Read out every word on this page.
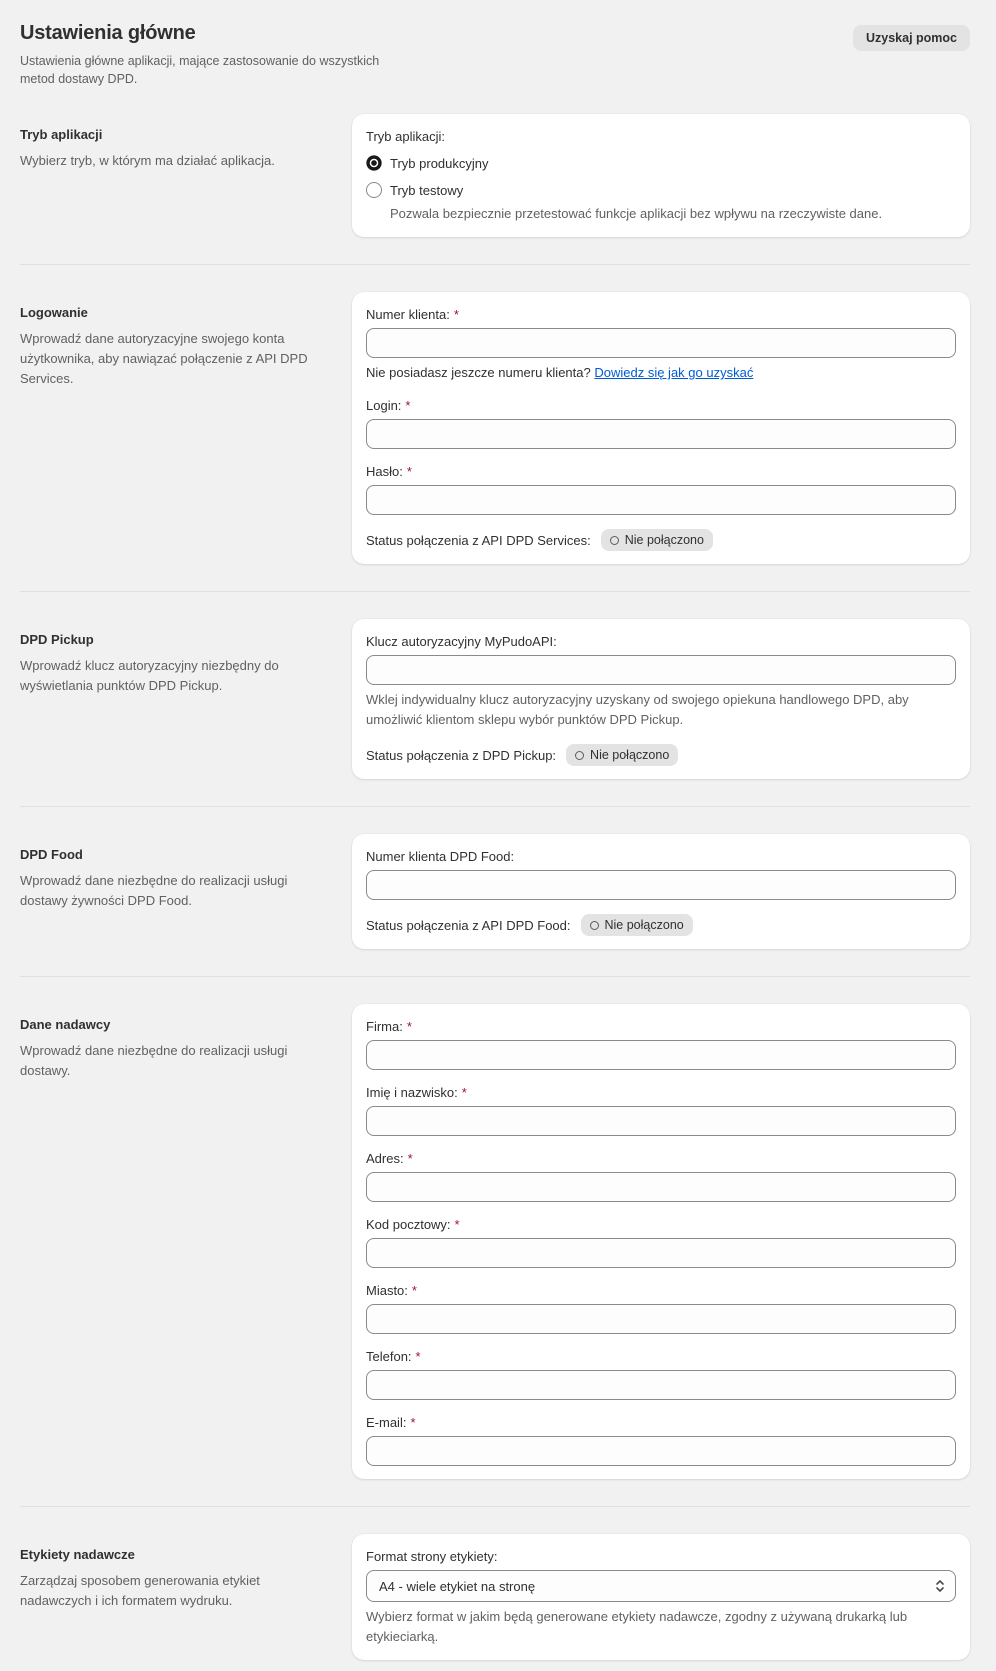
Ustawienia główne

Ustawienia główne aplikacji, mające zastosowanie do wszystkich metod dostawy DPD.

Uzyskaj pomoc
Tryb aplikacji

Wybierz tryb, w którym ma działać aplikacja.

Tryb aplikacji:
Tryb produkcyjny
Tryb testowy

Pozwala bezpiecznie przetestować funkcje aplikacji bez wpływu na rzeczywiste dane.

Logowanie

Wprowadź dane autoryzacyjne swojego konta użytkownika, aby nawiązać połączenie z API DPD Services.

Numer klienta: *

Nie posiadasz jeszcze numeru klienta? Dowiedz się jak go uzyskać

Login: *
Hasło: *
Status połączenia z API DPD Services:	Nie połączono
DPD Pickup

Wprowadź klucz autoryzacyjny niezbędny do wyświetlania punktów DPD Pickup.

Klucz autoryzacyjny MyPudoAPI:

Wklej indywidualny klucz autoryzacyjny uzyskany od swojego opiekuna handlowego DPD, aby umożliwić klientom sklepu wybór punktów DPD Pickup.

Status połączenia z DPD Pickup:	Nie połączono
DPD Food

Wprowadź dane niezbędne do realizacji usługi dostawy żywności DPD Food.

Numer klienta DPD Food:
Status połączenia z API DPD Food:	Nie połączono
Dane nadawcy

Wprowadź dane niezbędne do realizacji usługi dostawy.

Firma: *
Imię i nazwisko: *
Adres: *
Kod pocztowy: *
Miasto: *
Telefon: *
E-mail: *
Etykiety nadawcze

Zarządzaj sposobem generowania etykiet nadawczych i ich formatem wydruku.

Format strony etykiety:
A4 - wiele etykiet na stronę

Wybierz format w jakim będą generowane etykiety nadawcze, zgodny z używaną drukarką lub etykieciarką.
